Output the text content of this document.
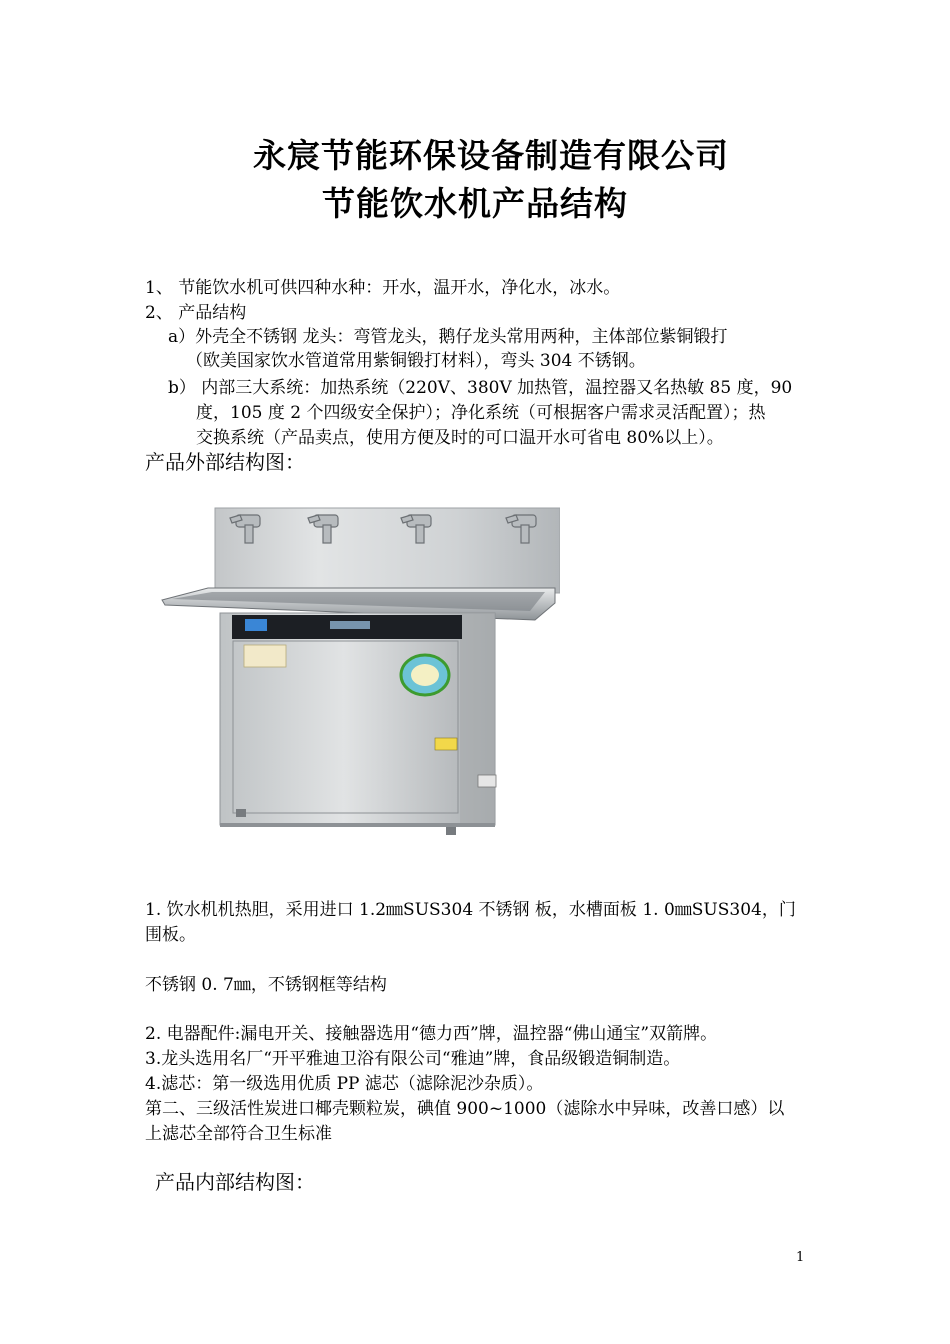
永宸节能环保设备制造有限公司
节能饮水机产品结构
1、 节能饮水机可供四种水种：开水，温开水，净化水，冰水。
2、 产品结构
a）外壳全不锈钢 龙头：弯管龙头，鹅仔龙头常用两种，主体部位紫铜锻打
（欧美国家饮水管道常用紫铜锻打材料），弯头 304 不锈钢。
b） 内部三大系统：加热系统（220V、380V 加热管，温控器又名热敏 85 度，90
度，105 度 2 个四级安全保护）；净化系统（可根据客户需求灵活配置）；热
交换系统（产品卖点，使用方便及时的可口温开水可省电 80%以上）。
产品外部结构图：
1. 饮水机机热胆，采用进口 1.2㎜SUS304 不锈钢 板，水槽面板 1. 0㎜SUS304，门
围板。
不锈钢 0. 7㎜，不锈钢框等结构
2. 电器配件:漏电开关、接触器选用“德力西”牌，温控器“佛山通宝”双箭牌。
3.龙头选用名厂“开平雅迪卫浴有限公司“雅迪”牌，食品级锻造铜制造。
4.滤芯：第一级选用优质 PP 滤芯（滤除泥沙杂质）。
第二、三级活性炭进口椰壳颗粒炭，碘值 900~1000（滤除水中异味，改善口感）以
上滤芯全部符合卫生标准
产品内部结构图：
1
